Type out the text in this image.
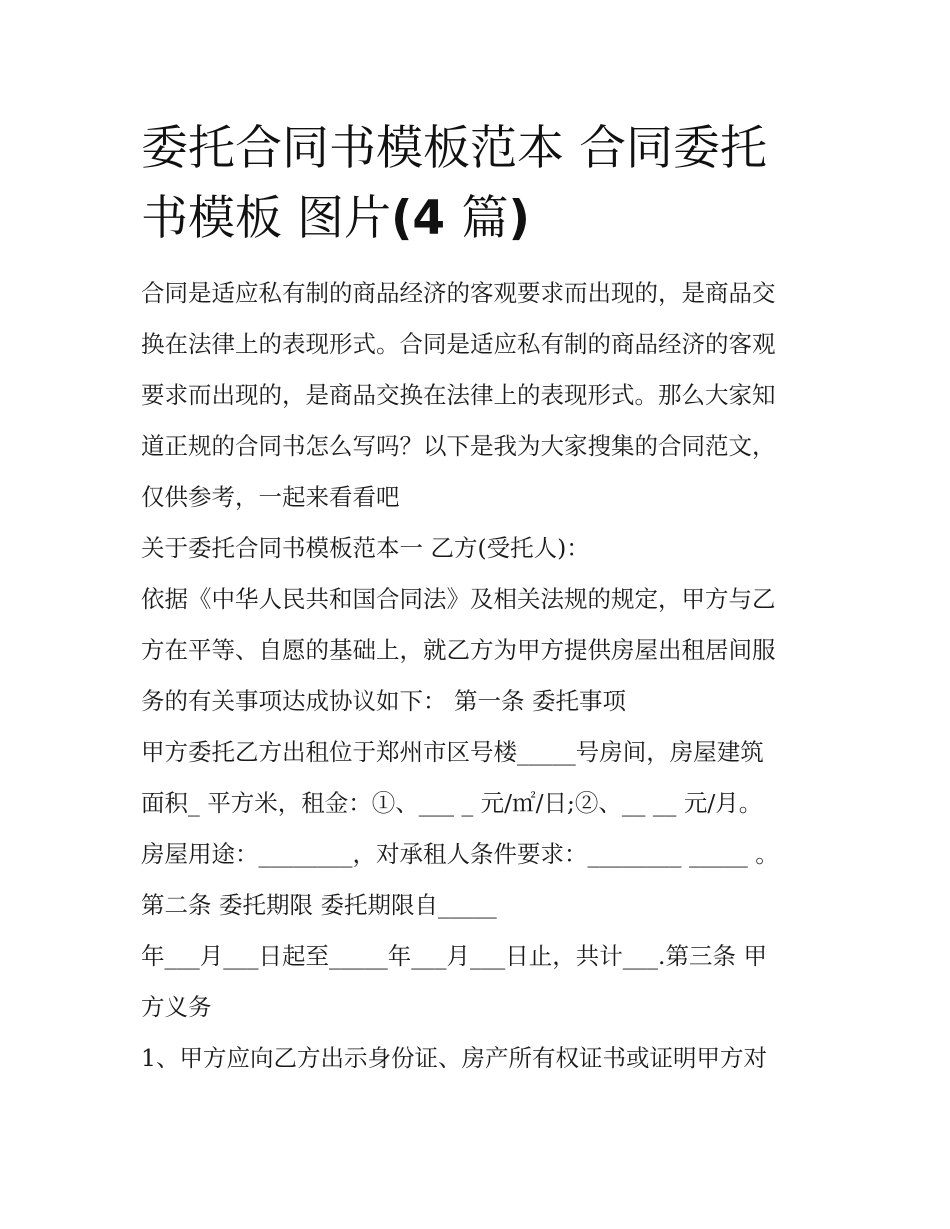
委托合同书模板范本 合同委托
书模板 图片(4 篇)
合同是适应私有制的商品经济的客观要求而出现的，是商品交
换在法律上的表现形式。合同是适应私有制的商品经济的客观
要求而出现的，是商品交换在法律上的表现形式。那么大家知
道正规的合同书怎么写吗？以下是我为大家搜集的合同范文，
仅供参考，一起来看看吧
关于委托合同书模板范本一 乙方(受托人)：
依据《中华人民共和国合同法》及相关法规的规定，甲方与乙
方在平等、自愿的基础上，就乙方为甲方提供房屋出租居间服
务的有关事项达成协议如下： 第一条 委托事项
甲方委托乙方出租位于郑州市区号楼_____号房间，房屋建筑
面积_ 平方米，租金：①、___ _ 元/㎡/日;②、__ __ 元/月。
房屋用途：________，对承租人条件要求：________ _____ 。
第二条 委托期限 委托期限自_____
年___月___日起至_____年___月___日止，共计___.第三条 甲
方义务
1、甲方应向乙方出示身份证、房产所有权证书或证明甲方对
